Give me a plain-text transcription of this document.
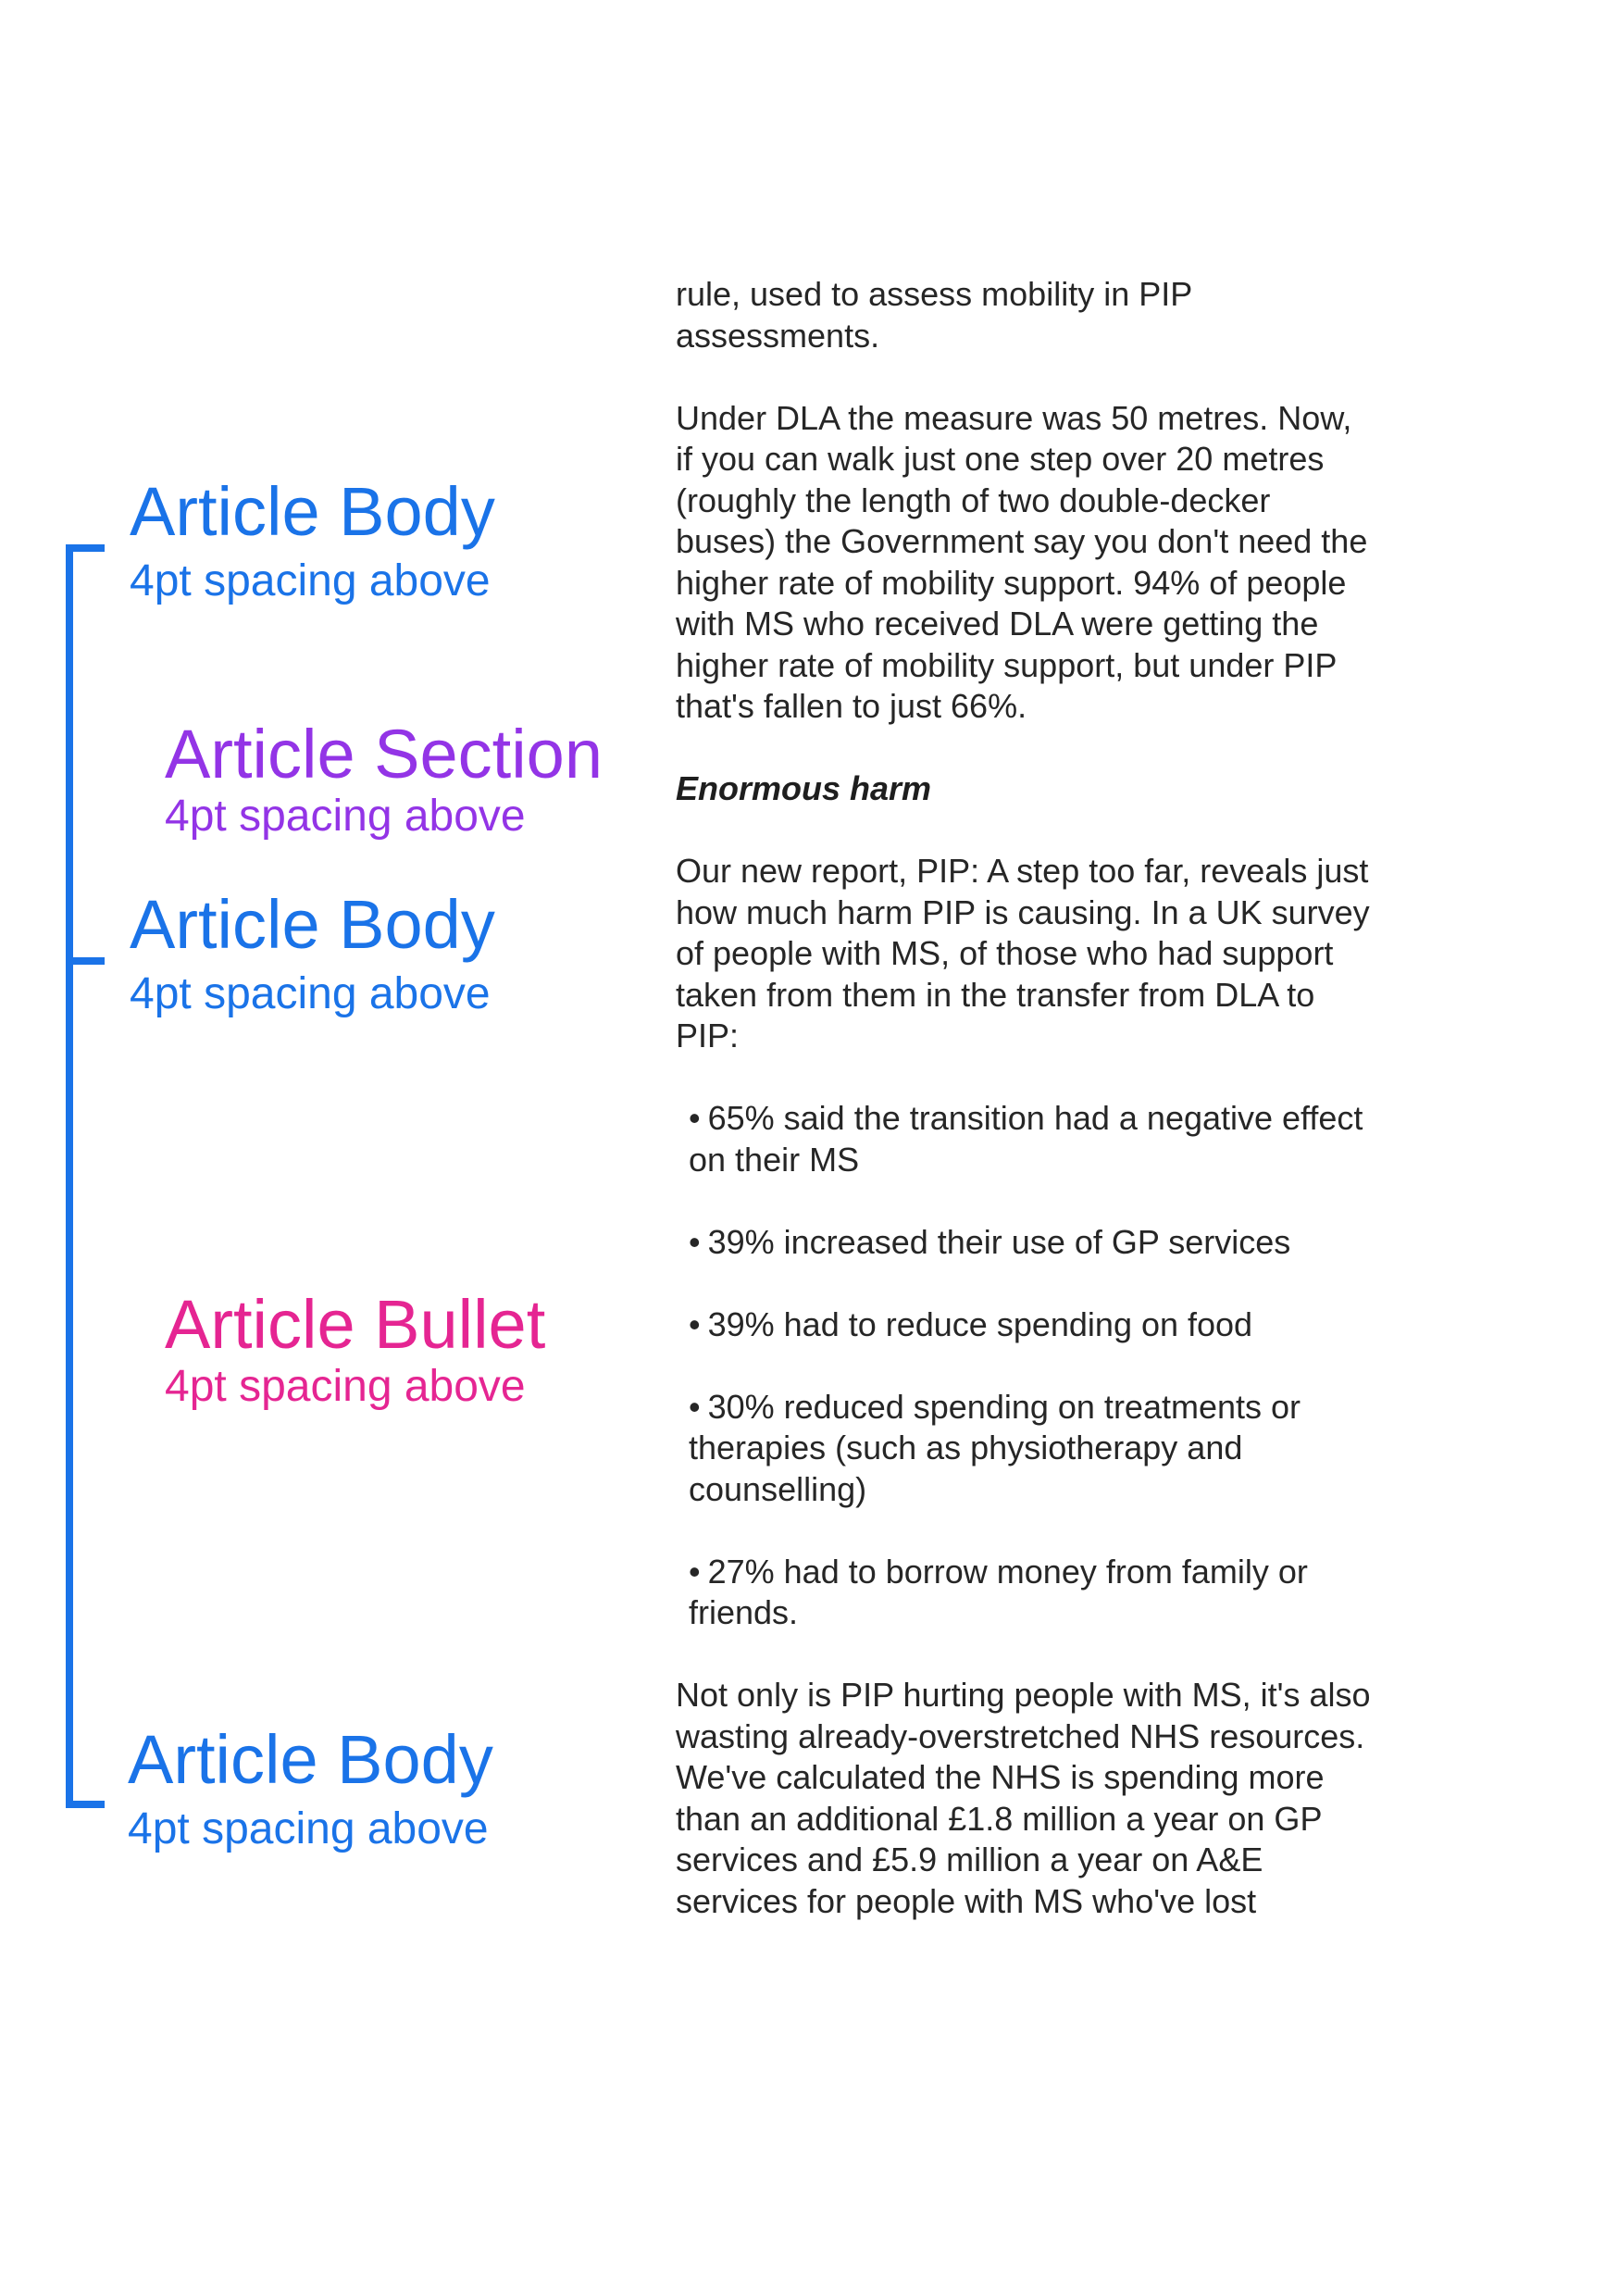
Article Body
4pt spacing above
Article Section
4pt spacing above
Article Body
4pt spacing above
Article Bullet
4pt spacing above
Article Body
4pt spacing above

rule, used to assess mobility in PIP

assessments.

Under DLA the measure was 50 metres. Now,

if you can walk just one step over 20 metres

(roughly the length of two double-decker

buses) the Government say you don't need the

higher rate of mobility support. 94% of people

with MS who received DLA were getting the

higher rate of mobility support, but under PIP

that's fallen to just 66%.

Enormous harm

Our new report, PIP: A step too far, reveals just

how much harm PIP is causing. In a UK survey

of people with MS, of those who had support

taken from them in the transfer from DLA to

PIP:

• 65% said the transition had a negative effect

on their MS

• 39% increased their use of GP services

• 39% had to reduce spending on food

• 30% reduced spending on treatments or

therapies (such as physiotherapy and

counselling)

• 27% had to borrow money from family or

friends.

Not only is PIP hurting people with MS, it's also

wasting already-overstretched NHS resources.

We've calculated the NHS is spending more

than an additional £1.8 million a year on GP

services and £5.9 million a year on A&E

services for people with MS who've lost
